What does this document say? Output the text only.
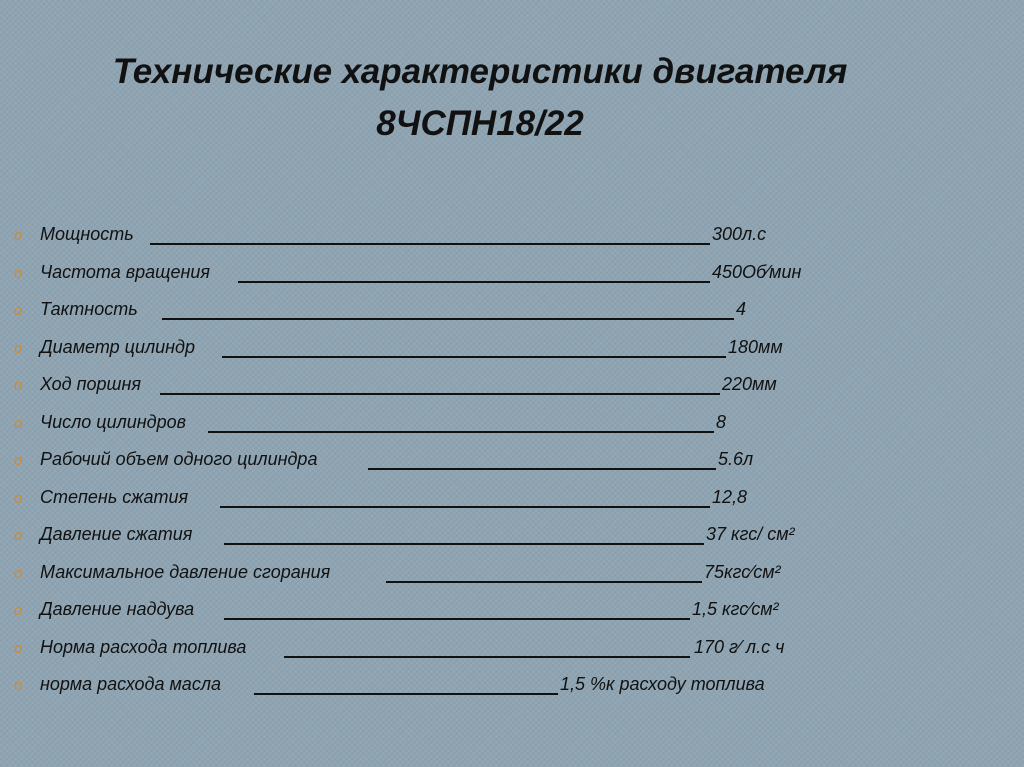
Технические характеристики двигателя
8ЧСПН18/22
o Мощность	300л.с
o Частота вращения	450Об⁄мин
o Тактность	4
o Диаметр цилиндр	180мм
o Ход поршня	220мм
o Число цилиндров	8
o Рабочий объем одного цилиндра	5.6л
o Степень сжатия	12,8
o Давление сжатия	37 кгс/ см²
o Максимальное давление сгорания	75кгс⁄см²
o Давление наддува	1,5 кгс⁄см²
o Норма расхода топлива	170 г⁄ л.с ч
o норма расхода масла	1,5 %к расходу топлива
